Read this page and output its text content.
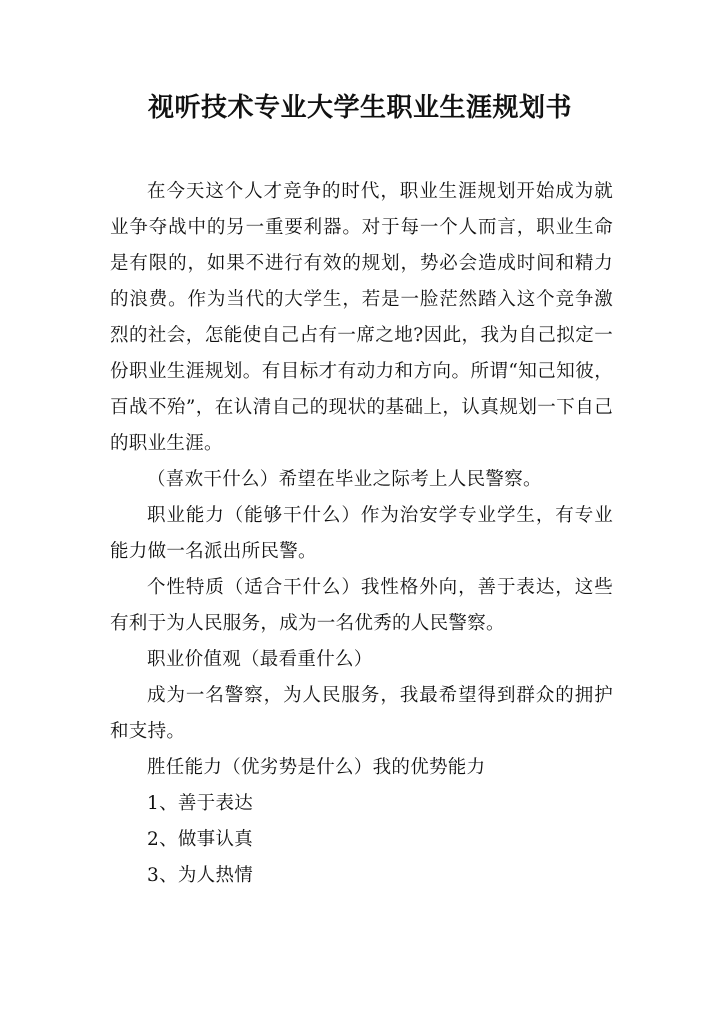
视听技术专业大学生职业生涯规划书

在今天这个人才竞争的时代，职业生涯规划开始成为就业争夺战中的另一重要利器。对于每一个人而言，职业生命是有限的，如果不进行有效的规划，势必会造成时间和精力的浪费。作为当代的大学生，若是一脸茫然踏入这个竞争激烈的社会，怎能使自己占有一席之地?因此，我为自己拟定一份职业生涯规划。有目标才有动力和方向。所谓“知己知彼，百战不殆”，在认清自己的现状的基础上，认真规划一下自己的职业生涯。

（喜欢干什么）希望在毕业之际考上人民警察。

职业能力（能够干什么）作为治安学专业学生，有专业能力做一名派出所民警。

个性特质（适合干什么）我性格外向，善于表达，这些有利于为人民服务，成为一名优秀的人民警察。

职业价值观（最看重什么）

成为一名警察，为人民服务，我最希望得到群众的拥护和支持。

胜任能力（优劣势是什么）我的优势能力

1、善于表达

2、做事认真

3、为人热情
